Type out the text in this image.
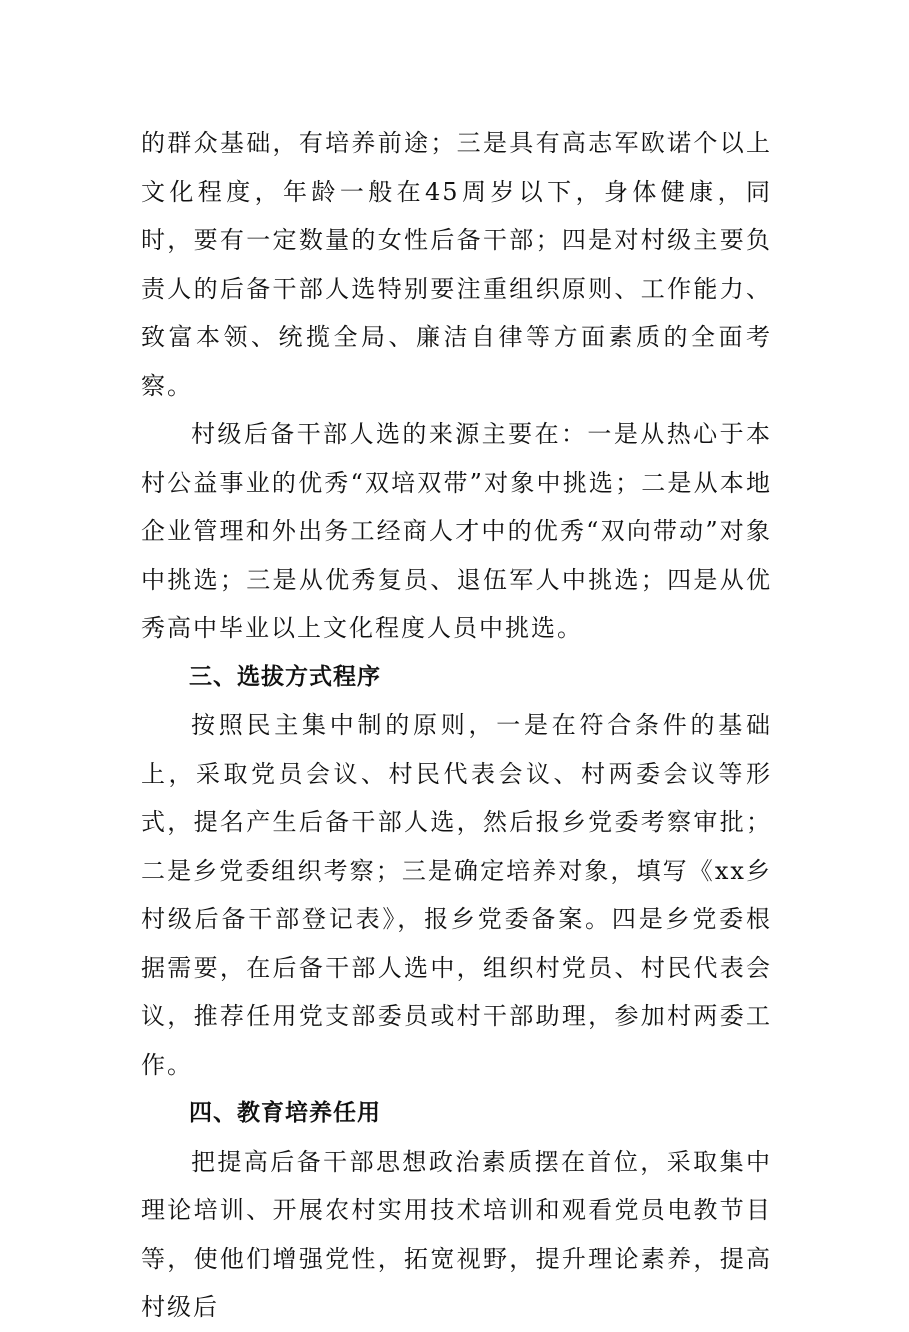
的群众基础，有培养前途；三是具有高志军欧诺个以上文化程度，年龄一般在45周岁以下，身体健康，同时，要有一定数量的女性后备干部；四是对村级主要负责人的后备干部人选特别要注重组织原则、工作能力、致富本领、统揽全局、廉洁自律等方面素质的全面考察。

村级后备干部人选的来源主要在：一是从热心于本村公益事业的优秀“双培双带”对象中挑选；二是从本地企业管理和外出务工经商人才中的优秀“双向带动”对象中挑选；三是从优秀复员、退伍军人中挑选；四是从优秀高中毕业以上文化程度人员中挑选。

三、选拔方式程序

按照民主集中制的原则，一是在符合条件的基础上，采取党员会议、村民代表会议、村两委会议等形式，提名产生后备干部人选，然后报乡党委考察审批；二是乡党委组织考察；三是确定培养对象，填写《xx乡村级后备干部登记表》，报乡党委备案。四是乡党委根据需要，在后备干部人选中，组织村党员、村民代表会议，推荐任用党支部委员或村干部助理，参加村两委工作。

四、教育培养任用

把提高后备干部思想政治素质摆在首位，采取集中理论培训、开展农村实用技术培训和观看党员电教节目等，使他们增强党性，拓宽视野，提升理论素养，提高村级后
